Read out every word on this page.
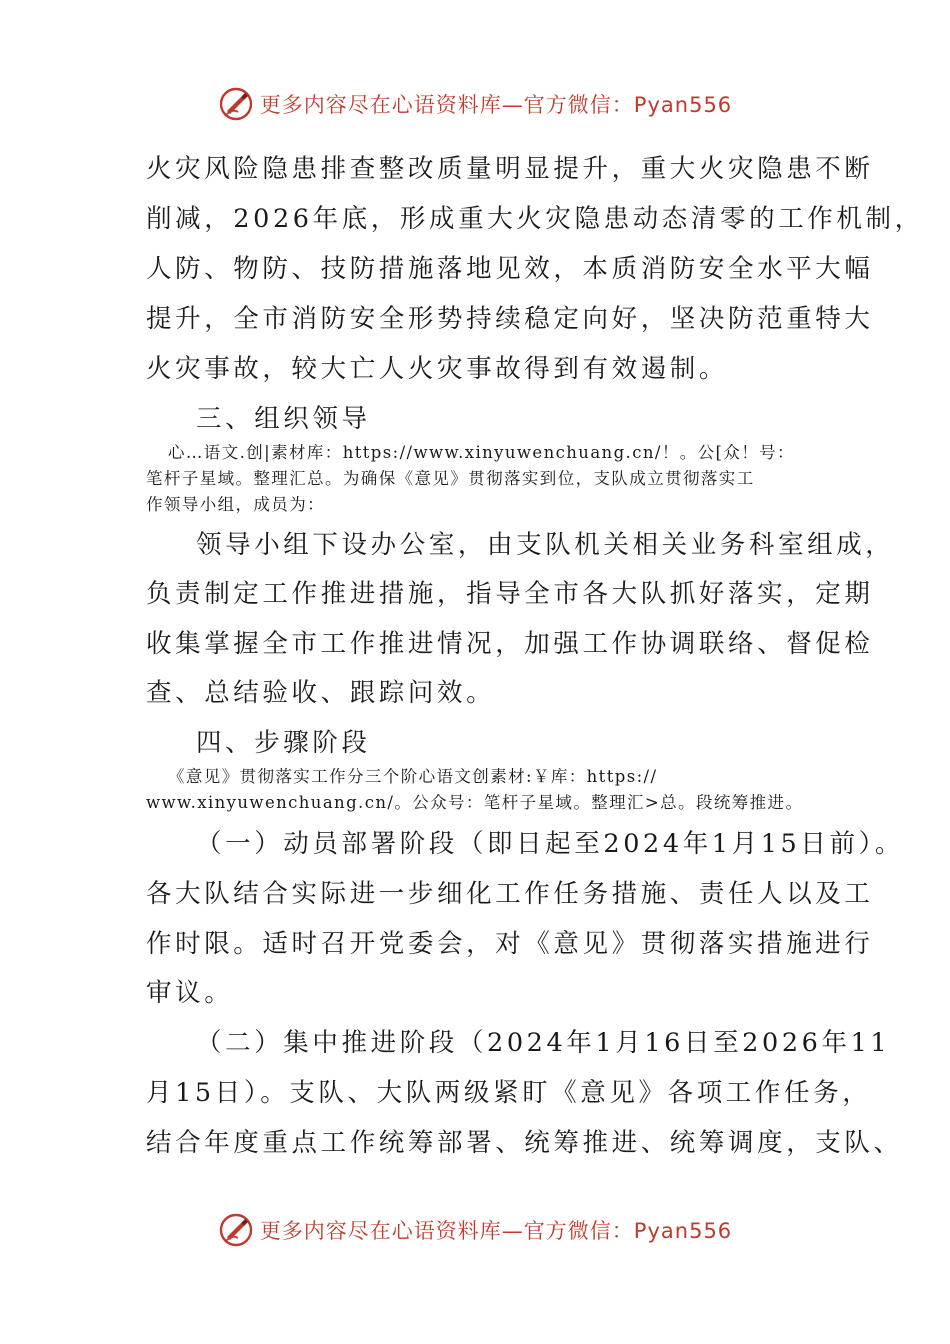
更多内容尽在心语资料库—官方微信：Pyan556
火灾风险隐患排查整改质量明显提升，重大火灾隐患不断
削减，2026年底，形成重大火灾隐患动态清零的工作机制，
人防、物防、技防措施落地见效，本质消防安全水平大幅
提升，全市消防安全形势持续稳定向好，坚决防范重特大
火灾事故，较大亡人火灾事故得到有效遏制。
三、组织领导
心…语文.创|素材库：https://www.xinyuwenchuang.cn/！。公[众！号：
笔杆子星域。整理汇总。为确保《意见》贯彻落实到位，支队成立贯彻落实工
作领导小组，成员为：
领导小组下设办公室，由支队机关相关业务科室组成，
负责制定工作推进措施，指导全市各大队抓好落实，定期
收集掌握全市工作推进情况，加强工作协调联络、督促检
查、总结验收、跟踪问效。
四、步骤阶段
《意见》贯彻落实工作分三个阶心语文创素材:￥库：https://
www.xinyuwenchuang.cn/。公众号：笔杆子星域。整理汇>总。段统筹推进。
（一）动员部署阶段（即日起至2024年1月15日前）。
各大队结合实际进一步细化工作任务措施、责任人以及工
作时限。适时召开党委会，对《意见》贯彻落实措施进行
审议。
（二）集中推进阶段（2024年1月16日至2026年11
月15日）。支队、大队两级紧盯《意见》各项工作任务，
结合年度重点工作统筹部署、统筹推进、统筹调度，支队、
更多内容尽在心语资料库—官方微信：Pyan556
